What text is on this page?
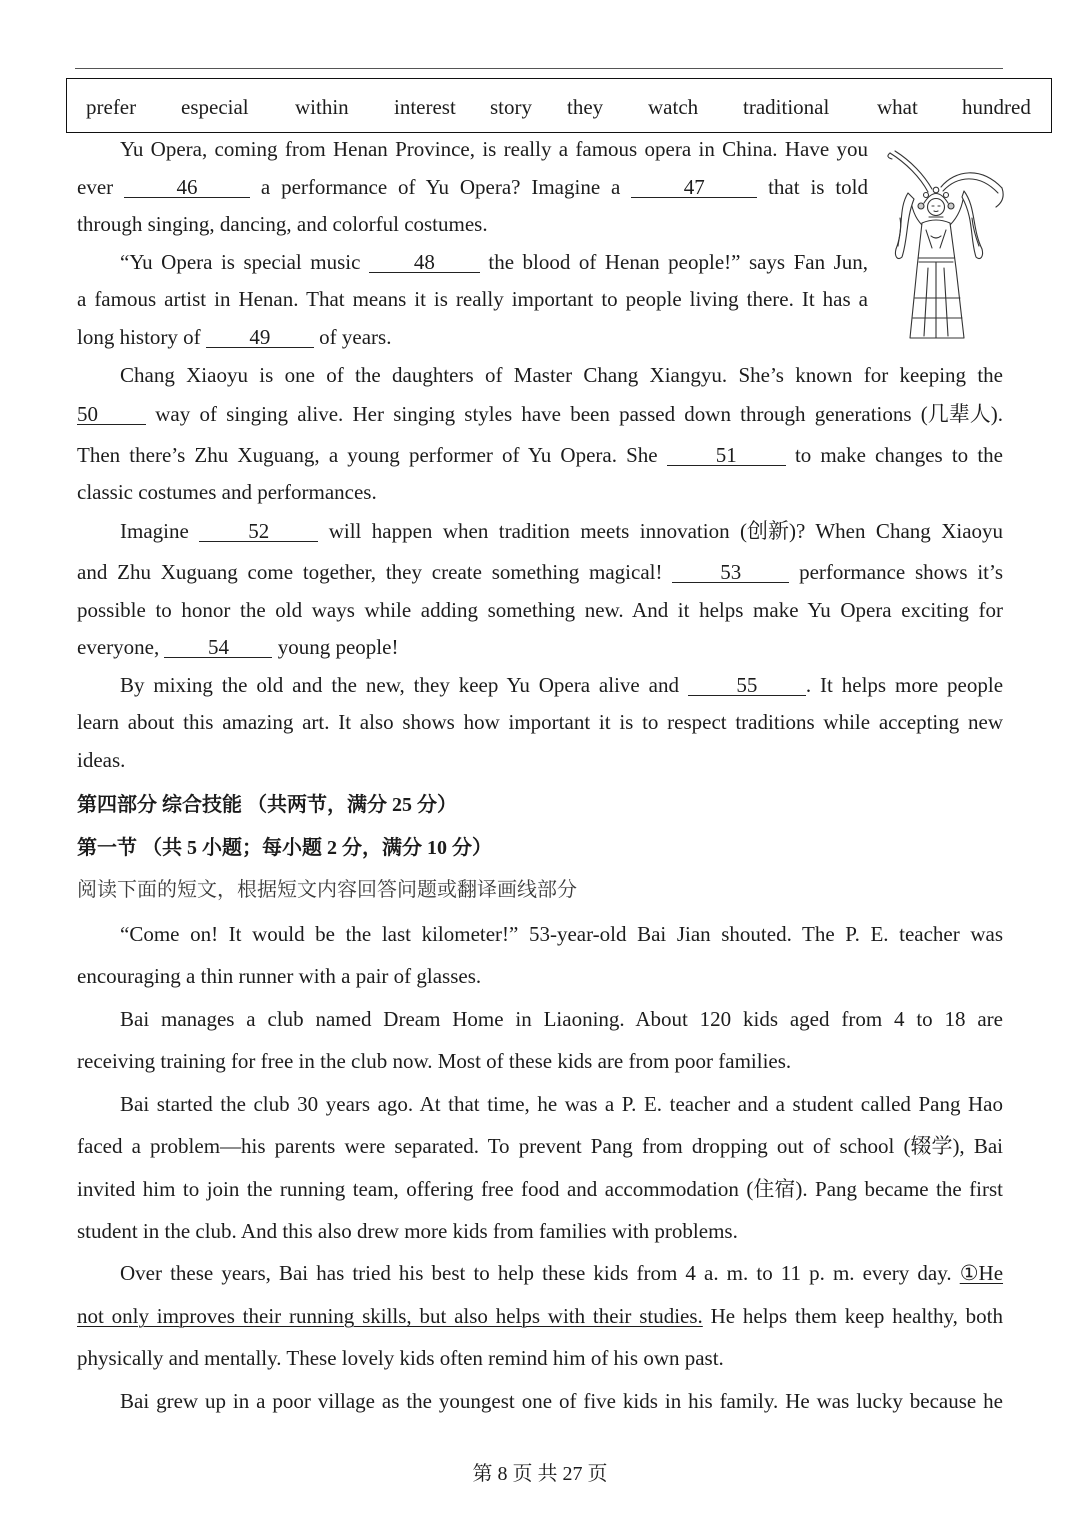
prefer especial within interest story they watch traditional what hundred
Yu Opera, coming from Henan Province, is really a famous opera in China. Have you
ever	46	a performance of Yu Opera? Imagine a	47	that is told
through singing, dancing, and colorful costumes.
“Yu Opera is special music	48	the blood of Henan people!” says Fan Jun,
a famous artist in Henan. That means it is really important to people living there. It has a
long history of 49 of years.
Chang Xiaoyu is one of the daughters of Master Chang Xiangyu. She’s known for keeping the
50	way of singing alive. Her singing styles have been passed down through generations (几辈人).
Then there’s Zhu Xuguang, a young performer of Yu Opera. She	51	to make changes to the
classic costumes and performances.
Imagine	52	will happen when tradition meets innovation (创新)? When Chang Xiaoyu
and Zhu Xuguang come together, they create something magical!	53	performance shows it’s
possible to honor the old ways while adding something new. And it helps make Yu Opera exciting for
everyone, 54 young people!
By mixing the old and the new, they keep Yu Opera alive and	55 . It helps more people
learn about this amazing art. It also shows how important it is to respect traditions while accepting new
ideas.
第四部分 综合技能 （共两节，满分 25 分）
第一节 （共 5 小题；每小题 2 分，满分 10 分）
阅读下面的短文，根据短文内容回答问题或翻译画线部分
“Come on! It would be the last kilometer!” 53-year-old Bai Jian shouted. The P. E. teacher was
encouraging a thin runner with a pair of glasses.
Bai manages a club named Dream Home in Liaoning. About 120 kids aged from 4 to 18 are
receiving training for free in the club now. Most of these kids are from poor families.
Bai started the club 30 years ago. At that time, he was a P. E. teacher and a student called Pang Hao
faced a problem—his parents were separated. To prevent Pang from dropping out of school (辍学), Bai
invited him to join the running team, offering free food and accommodation (住宿). Pang became the first
student in the club. And this also drew more kids from families with problems.
Over these years, Bai has tried his best to help these kids from 4 a. m. to 11 p. m. every day. ①He
not only improves their running skills, but also helps with their studies. He helps them keep healthy, both
physically and mentally. These lovely kids often remind him of his own past.
Bai grew up in a poor village as the youngest one of five kids in his family. He was lucky because he
第 8 页 共 27 页
